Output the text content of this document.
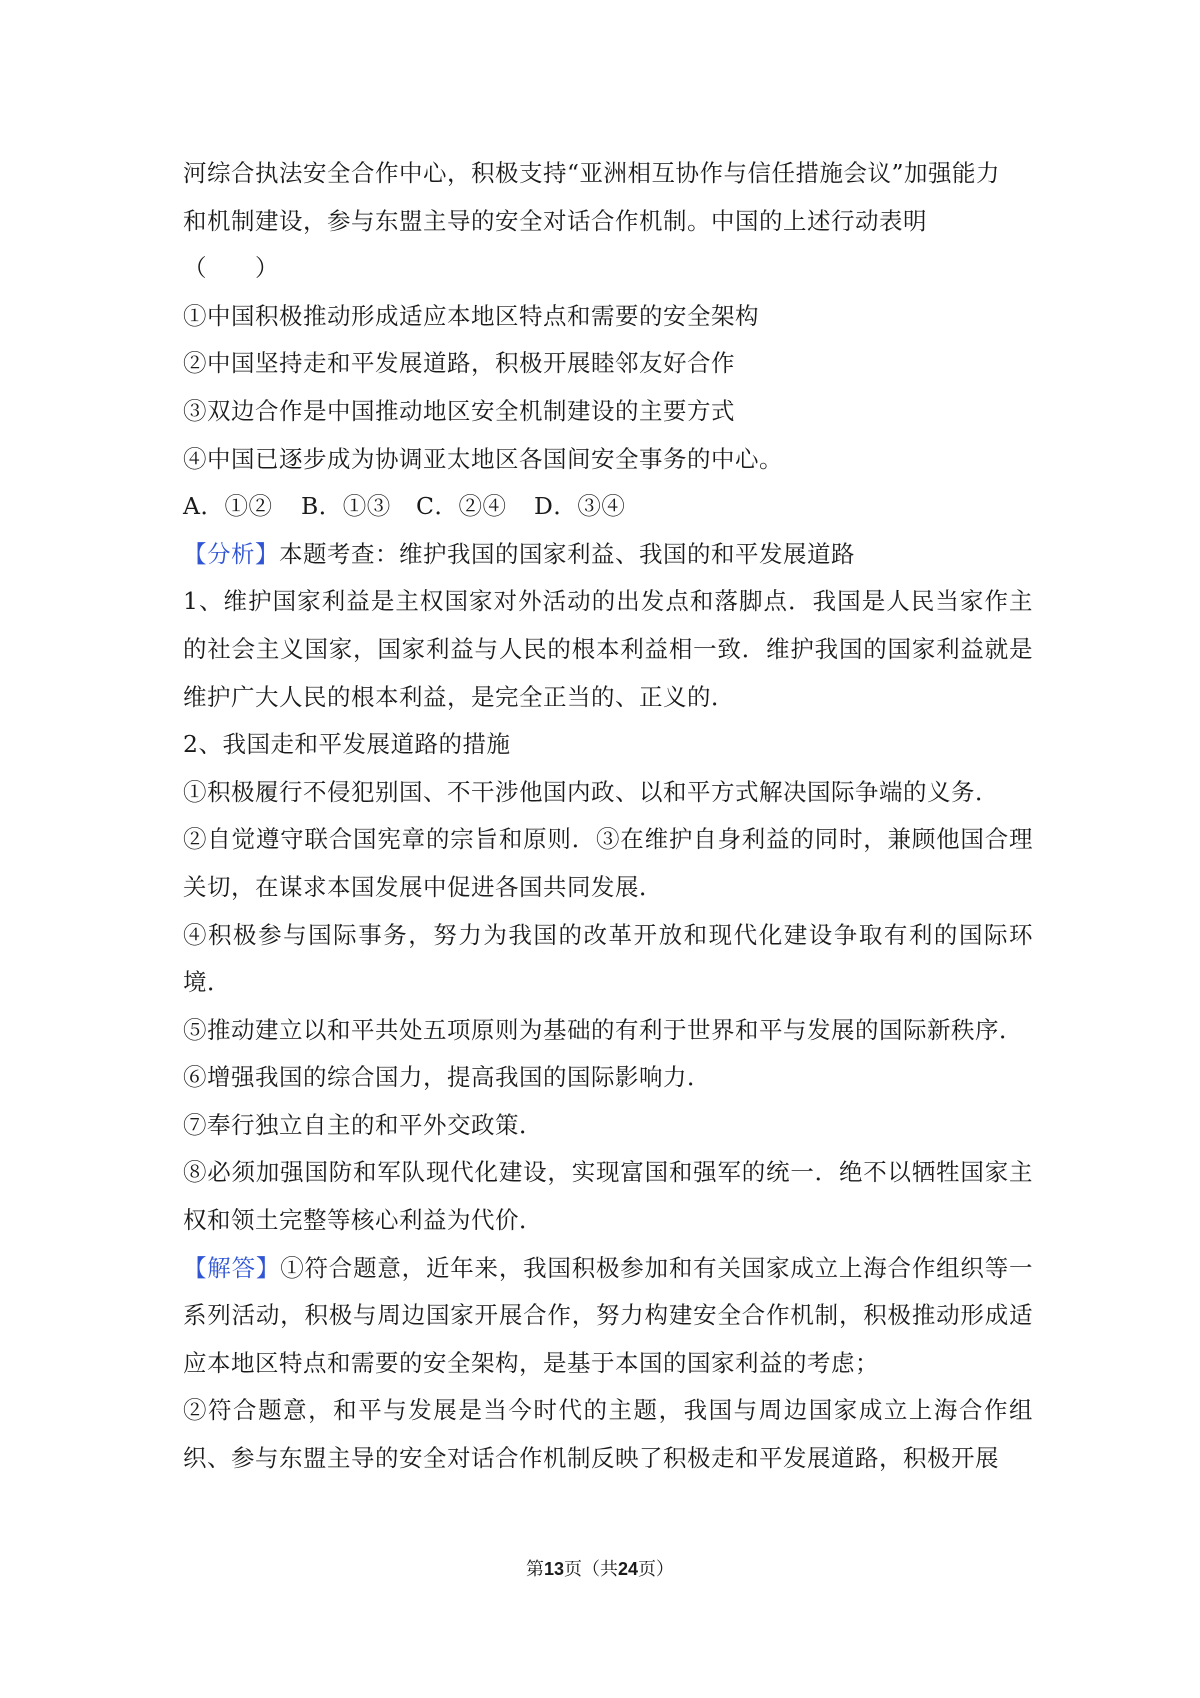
河综合执法安全合作中心，积极支持“亚洲相互协作与信任措施会议”加强能力

和机制建设，参与东盟主导的安全对话合作机制。中国的上述行动表明

（　　）

①中国积极推动形成适应本地区特点和需要的安全架构

②中国坚持走和平发展道路，积极开展睦邻友好合作

③双边合作是中国推动地区安全机制建设的主要方式

④中国已逐步成为协调亚太地区各国间安全事务的中心。

A．①②	B．①③	C．②④	D．③④

【分析】本题考查：维护我国的国家利益、我国的和平发展道路

1、维护国家利益是主权国家对外活动的出发点和落脚点．我国是人民当家作主的社会主义国家，国家利益与人民的根本利益相一致．维护我国的国家利益就是维护广大人民的根本利益，是完全正当的、正义的．

2、我国走和平发展道路的措施

①积极履行不侵犯别国、不干涉他国内政、以和平方式解决国际争端的义务．

②自觉遵守联合国宪章的宗旨和原则．③在维护自身利益的同时，兼顾他国合理关切，在谋求本国发展中促进各国共同发展．

④积极参与国际事务，努力为我国的改革开放和现代化建设争取有利的国际环境．

⑤推动建立以和平共处五项原则为基础的有利于世界和平与发展的国际新秩序．

⑥增强我国的综合国力，提高我国的国际影响力．

⑦奉行独立自主的和平外交政策．

⑧必须加强国防和军队现代化建设，实现富国和强军的统一．绝不以牺牲国家主权和领土完整等核心利益为代价．

【解答】①符合题意，近年来，我国积极参加和有关国家成立上海合作组织等一系列活动，积极与周边国家开展合作，努力构建安全合作机制，积极推动形成适应本地区特点和需要的安全架构，是基于本国的国家利益的考虑；

②符合题意，和平与发展是当今时代的主题，我国与周边国家成立上海合作组织、参与东盟主导的安全对话合作机制反映了积极走和平发展道路，积极开展

第13页（共24页）
